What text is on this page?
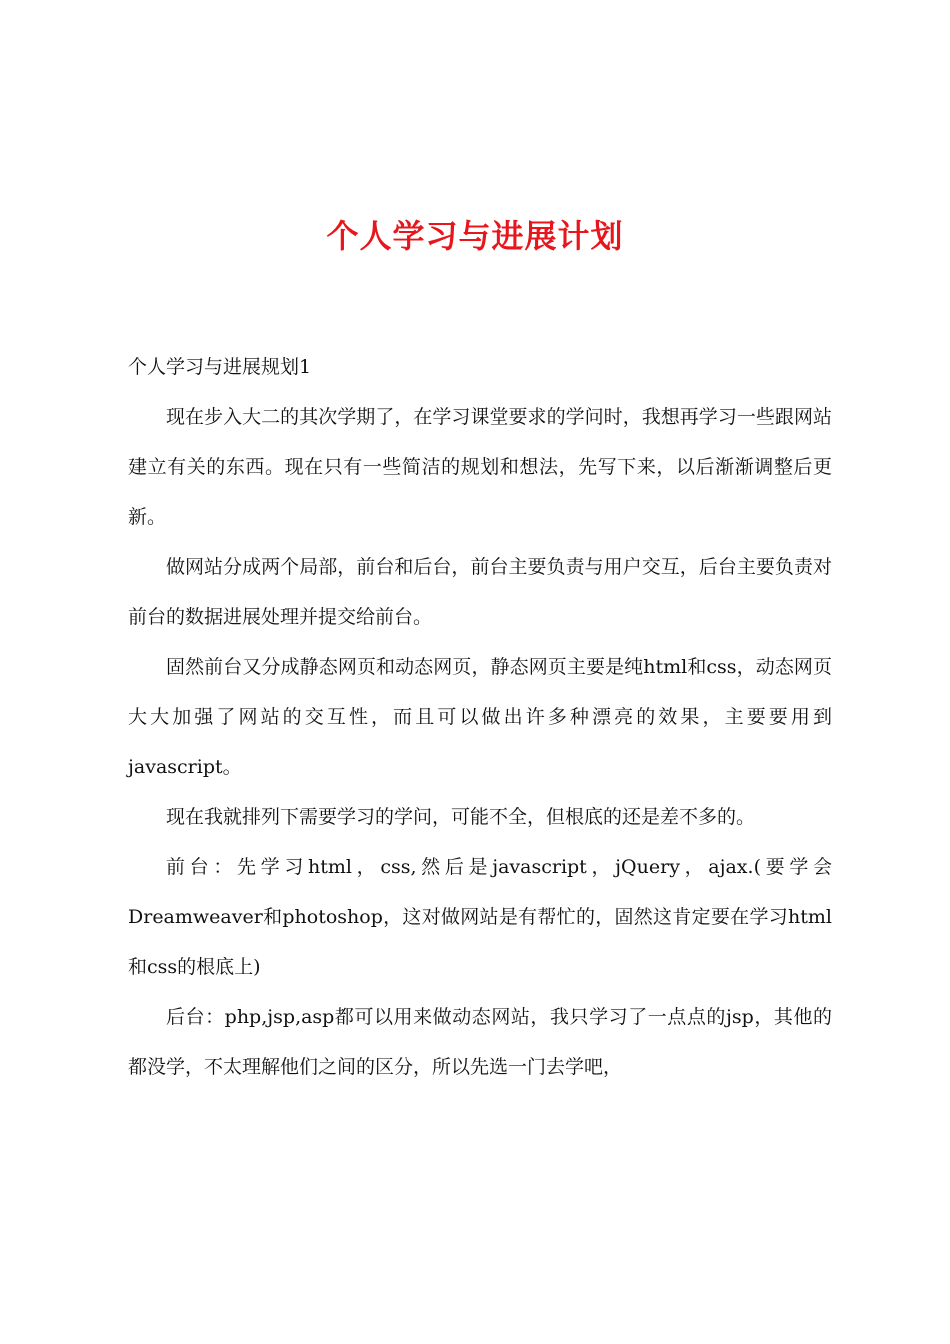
个人学习与进展计划

个人学习与进展规划1

现在步入大二的其次学期了，在学习课堂要求的学问时，我想再学习一些跟网站建立有关的东西。现在只有一些简洁的规划和想法，先写下来，以后渐渐调整后更新。

做网站分成两个局部，前台和后台，前台主要负责与用户交互，后台主要负责对前台的数据进展处理并提交给前台。

固然前台又分成静态网页和动态网页，静态网页主要是纯html和css，动态网页大大加强了网站的交互性，而且可以做出许多种漂亮的效果，主要要用到javascript。

现在我就排列下需要学习的学问，可能不全，但根底的还是差不多的。

前台：先学习html，css,然后是javascript，jQuery，ajax.(要学会Dreamweaver和photoshop，这对做网站是有帮忙的，固然这肯定要在学习html和css的根底上)

后台：php,jsp,asp都可以用来做动态网站，我只学习了一点点的jsp，其他的都没学，不太理解他们之间的区分，所以先选一门去学吧，
